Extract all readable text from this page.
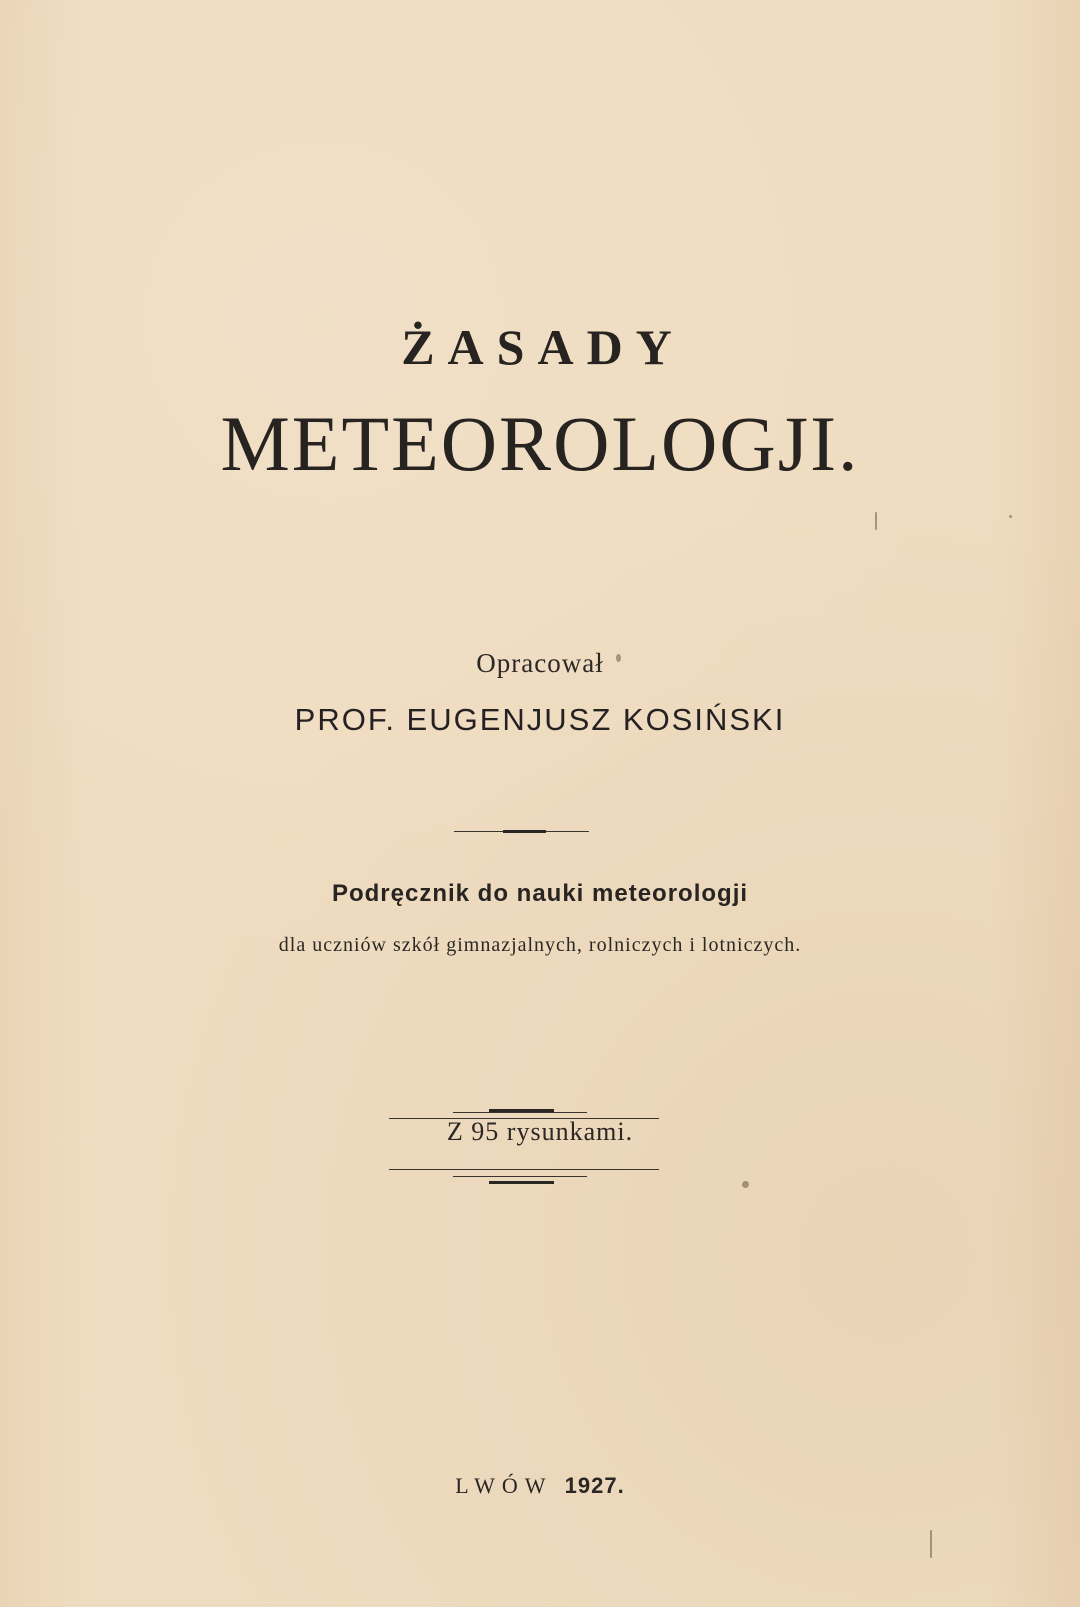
ŻASADY
METEOROLOGJI.
Opracował
PROF. EUGENJUSZ KOSIŃSKI
Podręcznik do nauki meteorologji
dla uczniów szkół gimnazjalnych, rolniczych i lotniczych.
Z 95 rysunkami.
LWÓW 1927.
